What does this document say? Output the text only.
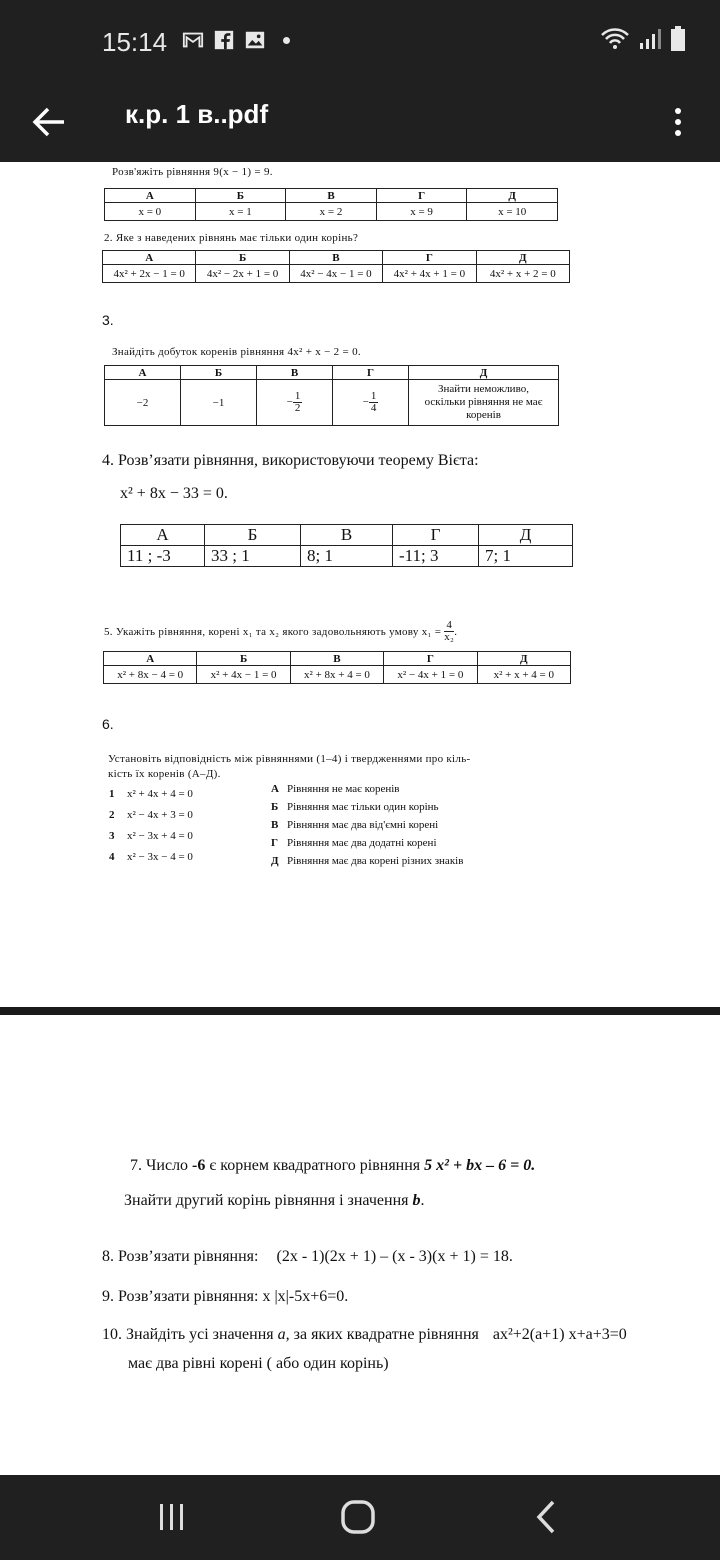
15:14
к.р. 1 в..pdf
Розв'яжіть рівняння 9(x − 1) = 9.
А	Б	В	Г	Д
x = 0	x = 1	x = 2	x = 9	x = 10
2. Яке з наведених рівнянь має тільки один корінь?
А	Б	В	Г	Д
4x² + 2x − 1 = 0	4x² − 2x + 1 = 0	4x² − 4x − 1 = 0	4x² + 4x + 1 = 0	4x² + x + 2 = 0
3.
Знайдіть добуток коренів рівняння 4x² + x − 2 = 0.
А	Б	В	Г	Д
−2	−1	− $\frac{1}{2}$	− $\frac{1}{4}$	Знайти неможливо, оскільки рівняння не має коренів
4. Розв’язати рівняння, використовуючи теорему Вієта:
x² + 8x − 33 = 0.
А	Б	В	Г	Д
11 ; -3	33 ; 1	8; 1	-11; 3	7; 1
5. Укажіть рівняння, корені x₁ та x₂ якого задовольняють умову $x_1 = \frac{4}{\text{x₂}}$ .
А	Б	В	Г	Д
x² + 8x − 4 = 0	x² + 4x − 1 = 0	x² + 8x + 4 = 0	x² − 4x + 1 = 0	x² + x + 4 = 0
6.
Установіть відповідність між рівняннями (1–4) і твердженнями про кіль-
кість їх коренів (А–Д).
1 x² + 4x + 4 = 0
2 x² − 4x + 3 = 0
3 x² − 3x + 4 = 0
4 x² − 3x − 4 = 0
А Рівняння не має коренів
Б Рівняння має тільки один корінь
В Рівняння має два від'ємні корені
Г Рівняння має два додатні корені
Д Рівняння має два корені різних знаків
7. Число -6 є корнем квадратного рівняння 5 x² + bx – 6 = 0.
Знайти другий корінь рівняння і значення b.
8. Розв’язати рівняння: (2x - 1)(2x + 1) – (x - 3)(x + 1) = 18.
9. Розв’язати рівняння: x |x|-5x+6=0.
10. Знайдіть усі значення а, за яких квадратне рівняння ax²+2(a+1) x+a+3=0
має два рівні корені ( або один корінь)
